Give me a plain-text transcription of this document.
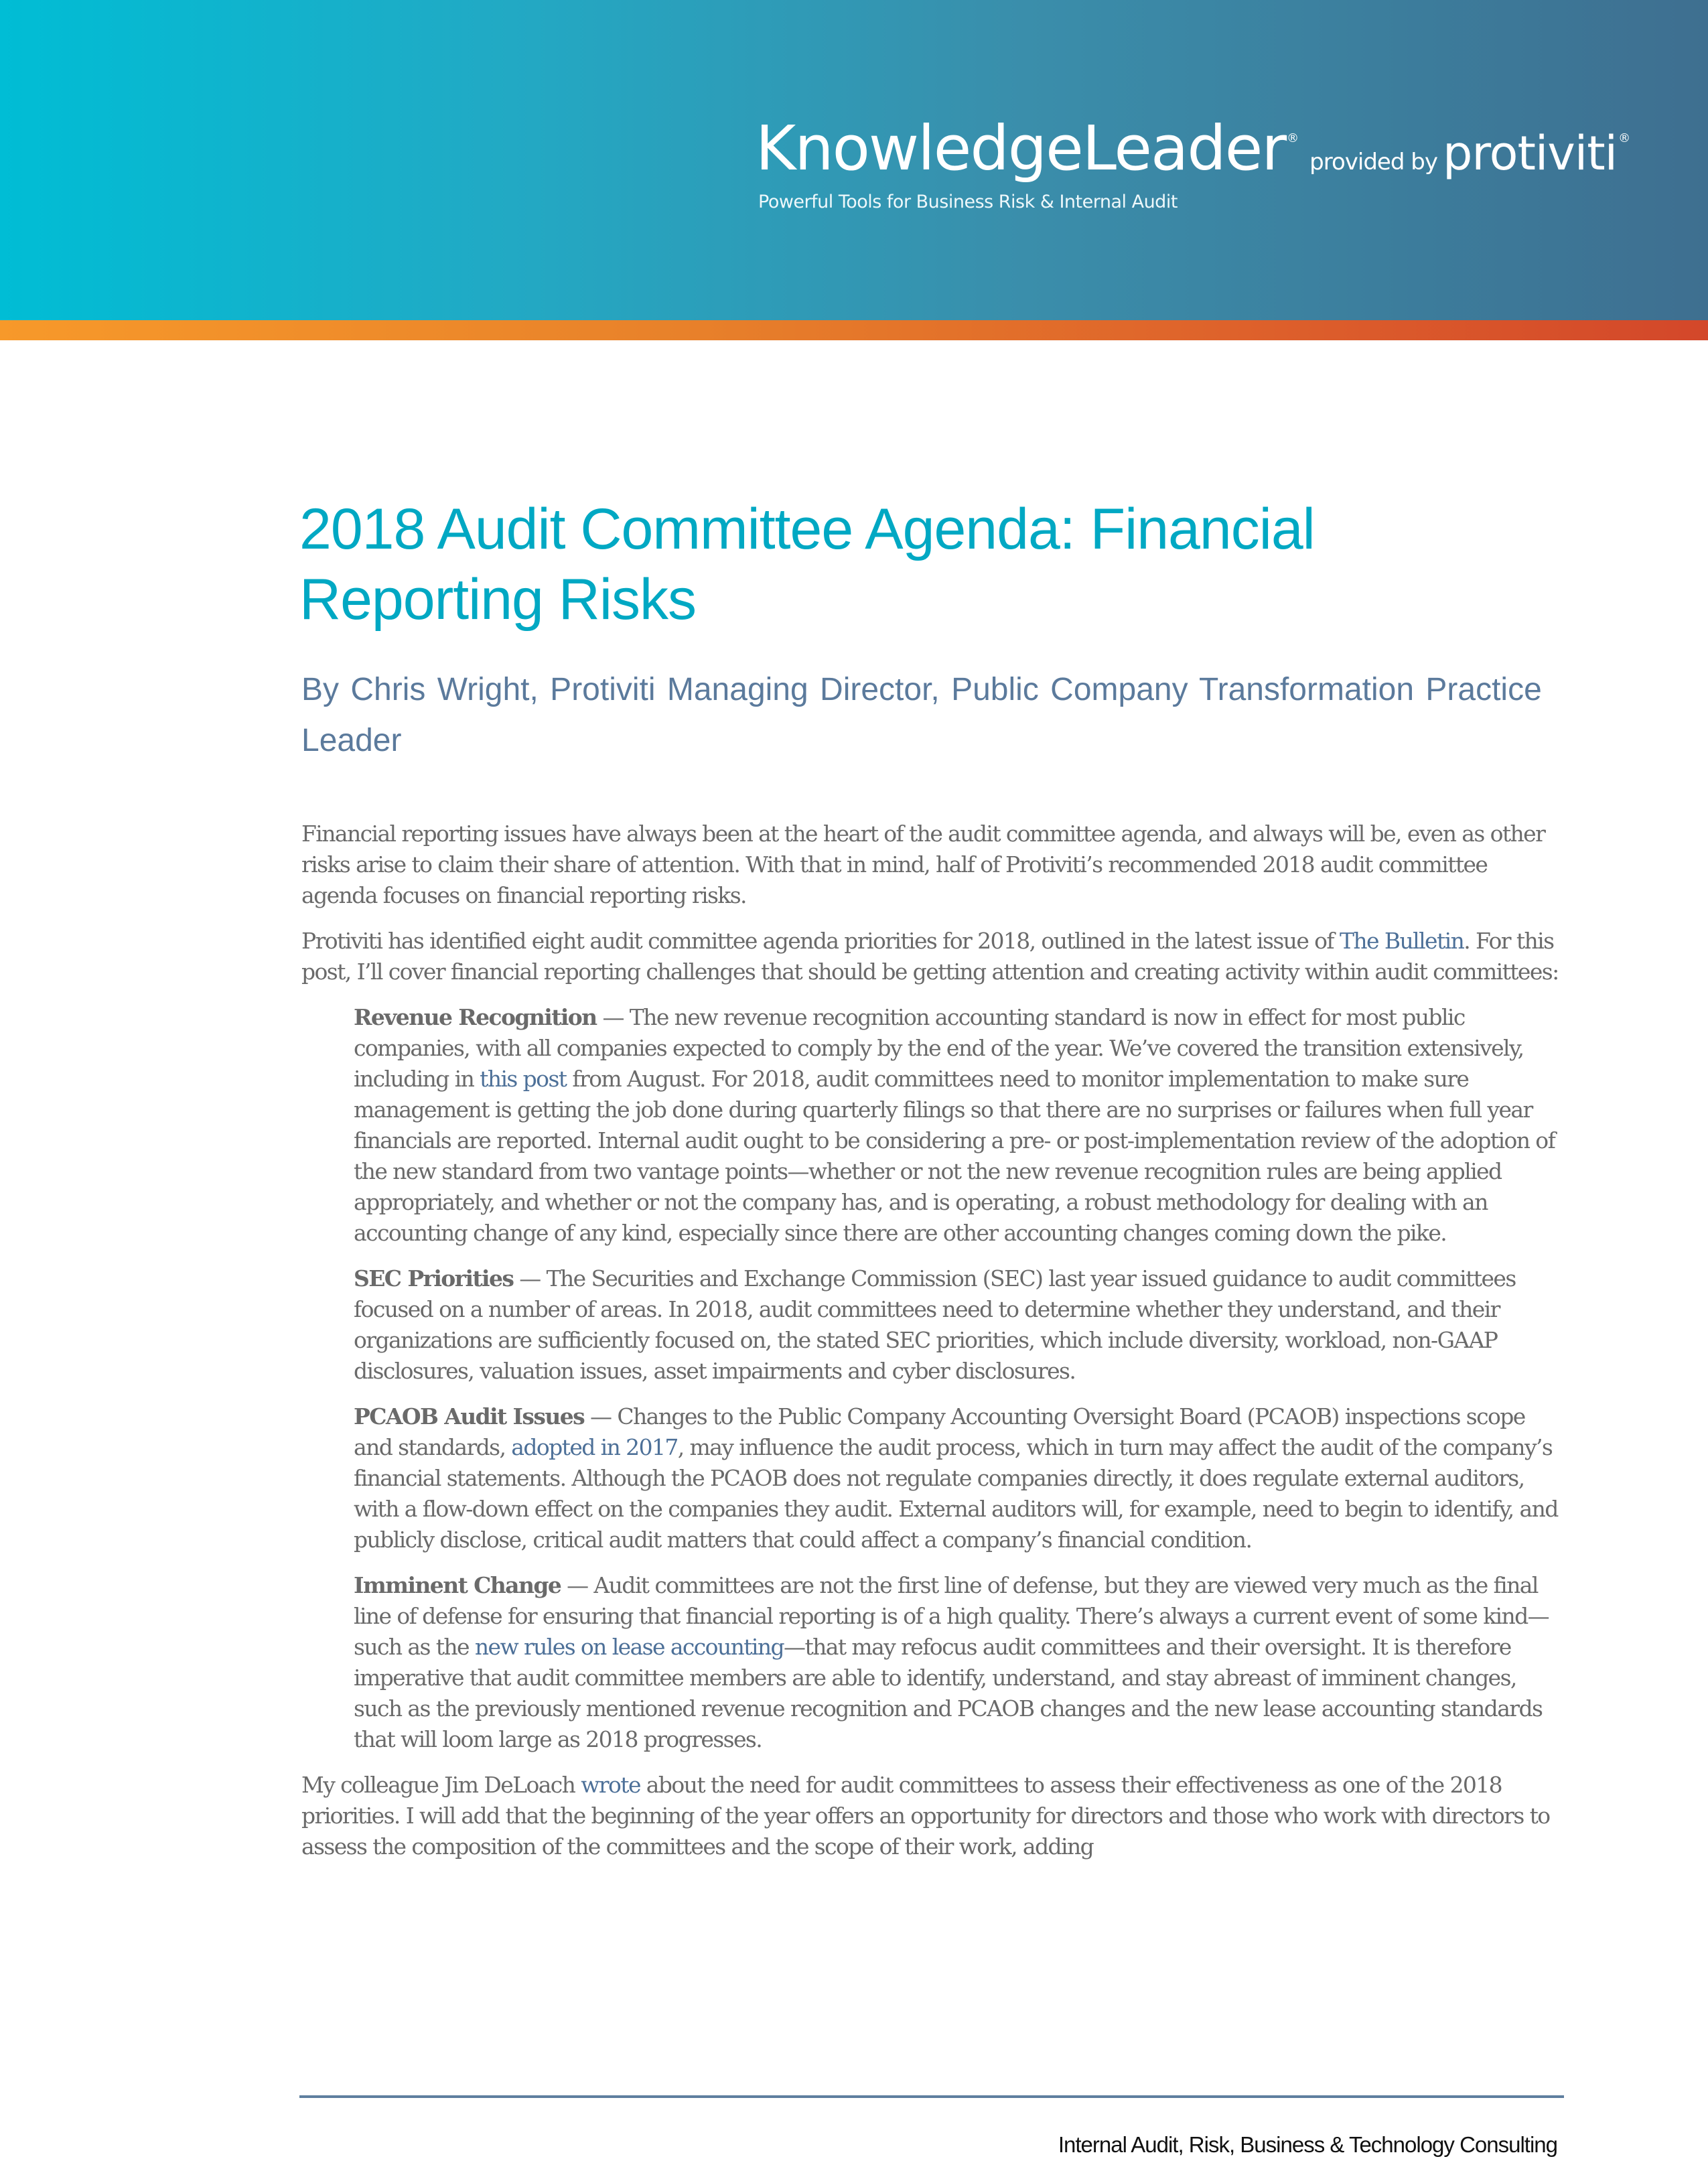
KnowledgeLeader ®provided by protiviti ®
Powerful Tools for Business Risk & Internal Audit
2018 Audit Committee Agenda: Financial Reporting Risks

By Chris Wright, Protiviti Managing Director, Public Company Transformation Practice Leader

Financial reporting issues have always been at the heart of the audit committee agenda, and always will be, even as other risks arise to claim their share of attention. With that in mind, half of Protiviti’s recommended 2018 audit committee agenda focuses on financial reporting risks.

Protiviti has identified eight audit committee agenda priorities for 2018, outlined in the latest issue of The Bulletin. For this post, I’ll cover financial reporting challenges that should be getting attention and creating activity within audit committees:

Revenue Recognition — The new revenue recognition accounting standard is now in effect for most public companies, with all companies expected to comply by the end of the year. We’ve covered the transition extensively, including in this post from August. For 2018, audit committees need to monitor implementation to make sure management is getting the job done during quarterly filings so that there are no surprises or failures when full year financials are reported. Internal audit ought to be considering a pre- or post-implementation review of the adoption of the new standard from two vantage points—whether or not the new revenue recognition rules are being applied appropriately, and whether or not the company has, and is operating, a robust methodology for dealing with an accounting change of any kind, especially since there are other accounting changes coming down the pike.

SEC Priorities — The Securities and Exchange Commission (SEC) last year issued guidance to audit committees focused on a number of areas. In 2018, audit committees need to determine whether they understand, and their organizations are sufficiently focused on, the stated SEC priorities, which include diversity, workload, non-GAAP disclosures, valuation issues, asset impairments and cyber disclosures.

PCAOB Audit Issues — Changes to the Public Company Accounting Oversight Board (PCAOB) inspections scope and standards, adopted in 2017, may influence the audit process, which in turn may affect the audit of the company’s financial statements. Although the PCAOB does not regulate companies directly, it does regulate external auditors, with a flow-down effect on the companies they audit. External auditors will, for example, need to begin to identify, and publicly disclose, critical audit matters that could affect a company’s financial condition.

Imminent Change — Audit committees are not the first line of defense, but they are viewed very much as the final line of defense for ensuring that financial reporting is of a high quality. There’s always a current event of some kind—such as the new rules on lease accounting—that may refocus audit committees and their oversight. It is therefore imperative that audit committee members are able to identify, understand, and stay abreast of imminent changes, such as the previously mentioned revenue recognition and PCAOB changes and the new lease accounting standards that will loom large as 2018 progresses.

My colleague Jim DeLoach wrote about the need for audit committees to assess their effectiveness as one of the 2018 priorities. I will add that the beginning of the year offers an opportunity for directors and those who work with directors to assess the composition of the committees and the scope of their work, adding

Internal Audit, Risk, Business & Technology Consulting
